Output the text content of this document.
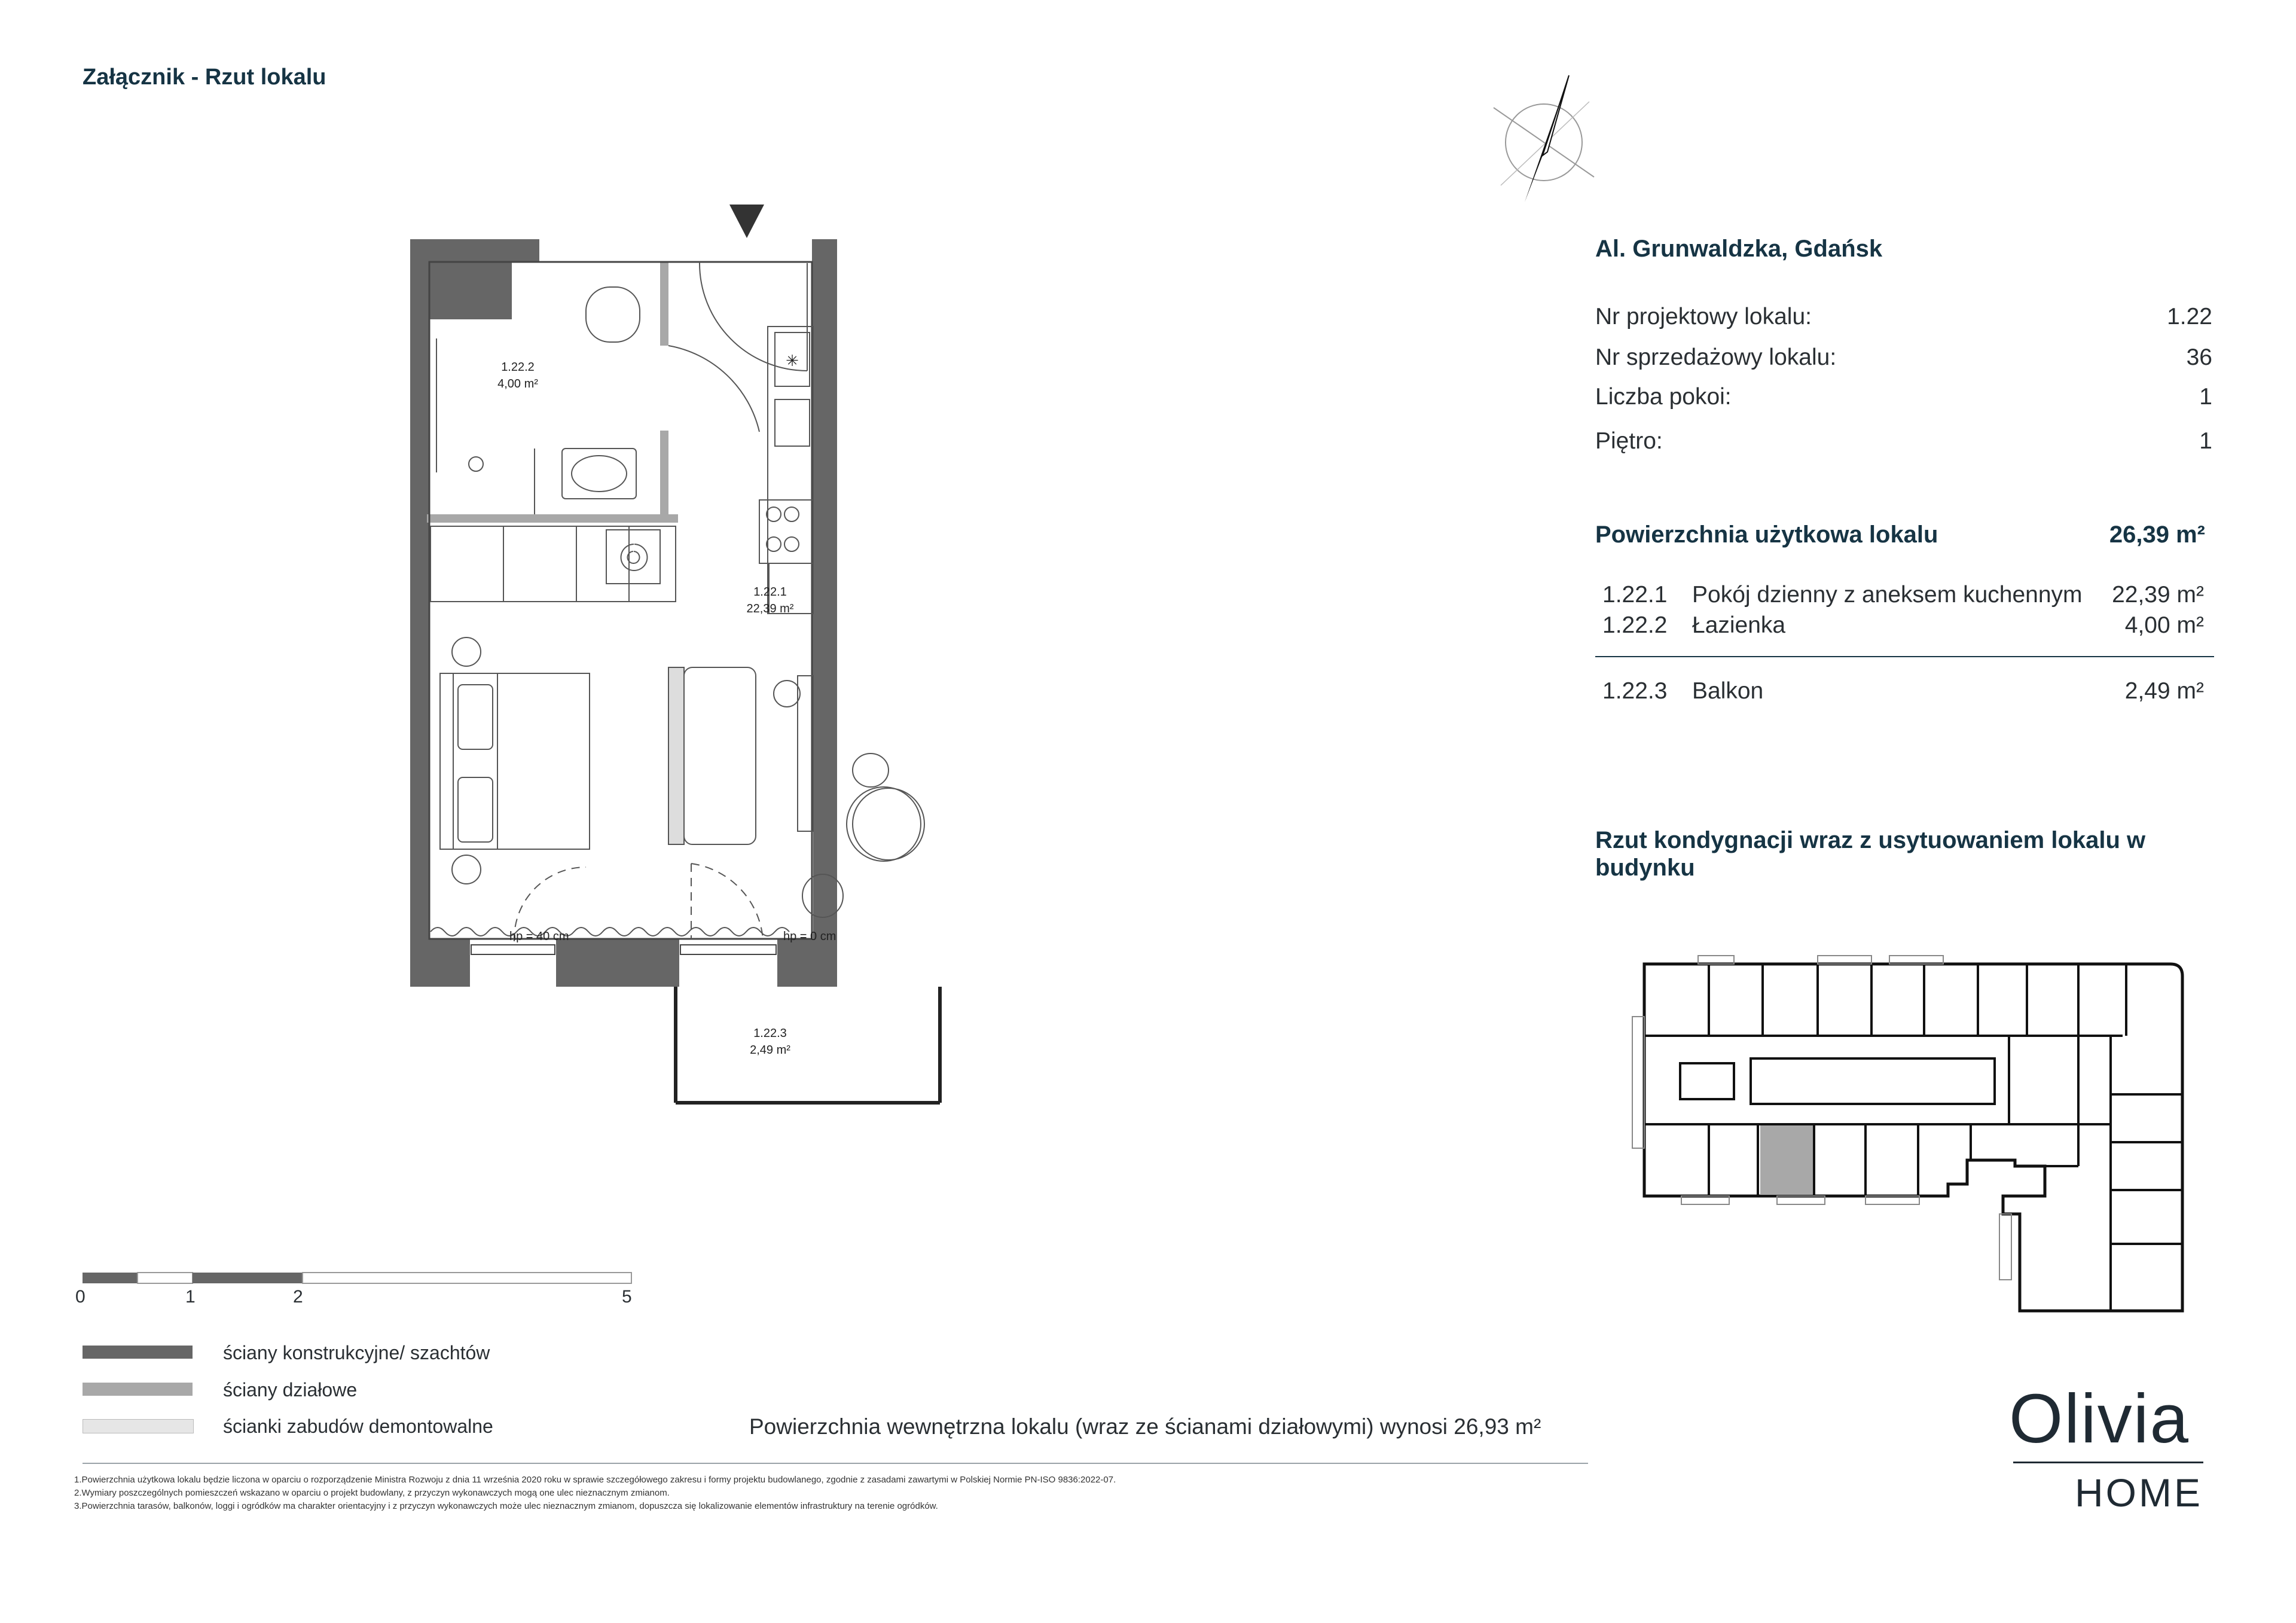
Załącznik - Rzut lokalu
✳
1.22.2
4,00 m²
1.22.1
22,39 m²
1.22.3
2,49 m²
hp = 40 cm	hp = 0 cm
Al. Grunwaldzka, Gdańsk
Nr projektowy lokalu:	1.22
Nr sprzedażowy lokalu:	36
Liczba pokoi:	1
Piętro:	1
Powierzchnia użytkowa lokalu	26,39 m²
1.22.1 Pokój dzienny z aneksem kuchennym 22,39 m²
1.22.2 Łazienka	4,00 m²
1.22.3 Balkon	2,49 m²
Rzut kondygnacji wraz z usytuowaniem lokalu w budynku
0	1	2	5
ściany konstrukcyjne/ szachtów
ściany działowe
ścianki zabudów demontowalne	Powierzchnia wewnętrzna lokalu (wraz ze ścianami działowymi) wynosi 26,93 m²
1.Powierzchnia użytkowa lokalu będzie liczona w oparciu o rozporządzenie Ministra Rozwoju z dnia 11 września 2020 roku w sprawie szczegółowego zakresu i formy projektu budowlanego, zgodnie z zasadami zawartymi w Polskiej Normie PN-ISO 9836:2022-07.
2.Wymiary poszczególnych pomieszczeń wskazano w oparciu o projekt budowlany, z przyczyn wykonawczych mogą one ulec nieznacznym zmianom.
3.Powierzchnia tarasów, balkonów, loggi i ogródków ma charakter orientacyjny i z przyczyn wykonawczych może ulec nieznacznym zmianom, dopuszcza się lokalizowanie elementów infrastruktury na terenie ogródków.
Olivia
HOME
